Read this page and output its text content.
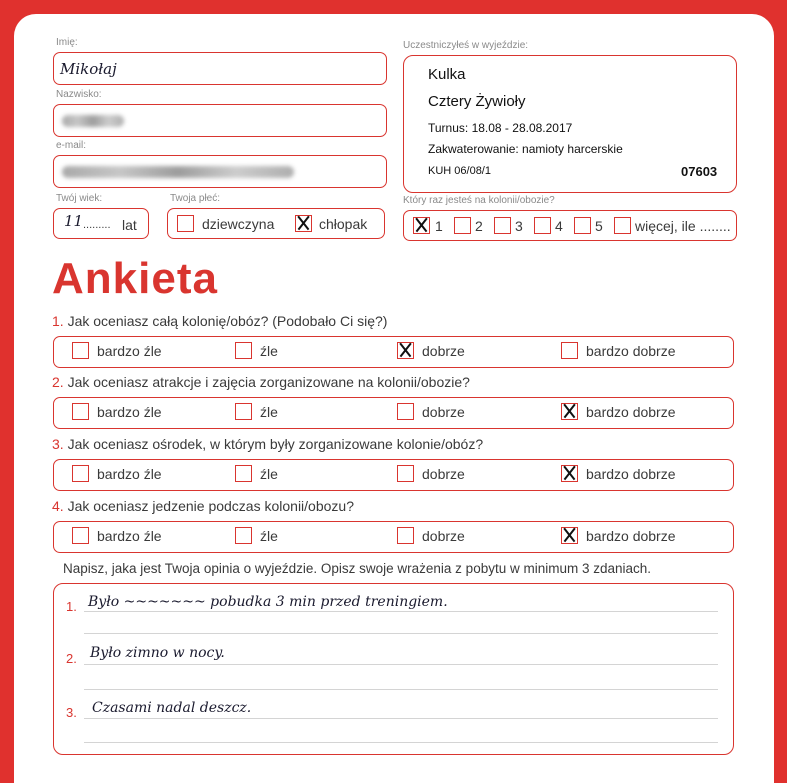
Imię:
Mikołaj
Nazwisko:
e-mail:
Twój wiek:
11 ......... lat
Twoja płeć:
dziewczyna	chłopak
Uczestniczyłeś w wyjeździe:
Kulka
Cztery Żywioły
Turnus: 18.08 - 28.08.2017
Zakwaterowanie: namioty harcerskie
KUH 06/08/1	07603
Który raz jesteś na kolonii/obozie?
1 2 3 4 5 więcej, ile ........
Ankieta
1. Jak oceniasz całą kolonię/obóz? (Podobało Ci się?)
bardzo źle	źle	dobrze	bardzo dobrze
2. Jak oceniasz atrakcje i zajęcia zorganizowane na kolonii/obozie?
bardzo źle	źle	dobrze	bardzo dobrze
3. Jak oceniasz ośrodek, w którym były zorganizowane kolonie/obóz?
bardzo źle	źle	dobrze	bardzo dobrze
4. Jak oceniasz jedzenie podczas kolonii/obozu?
bardzo źle	źle	dobrze	bardzo dobrze
Napisz, jaka jest Twoja opinia o wyjeździe. Opisz swoje wrażenia z pobytu w minimum 3 zdaniach.
1. Było ~~~~~~~ pobudka 3 min przed treningiem.
2. Było zimno w nocy.
3. Czasami nadal deszcz.
